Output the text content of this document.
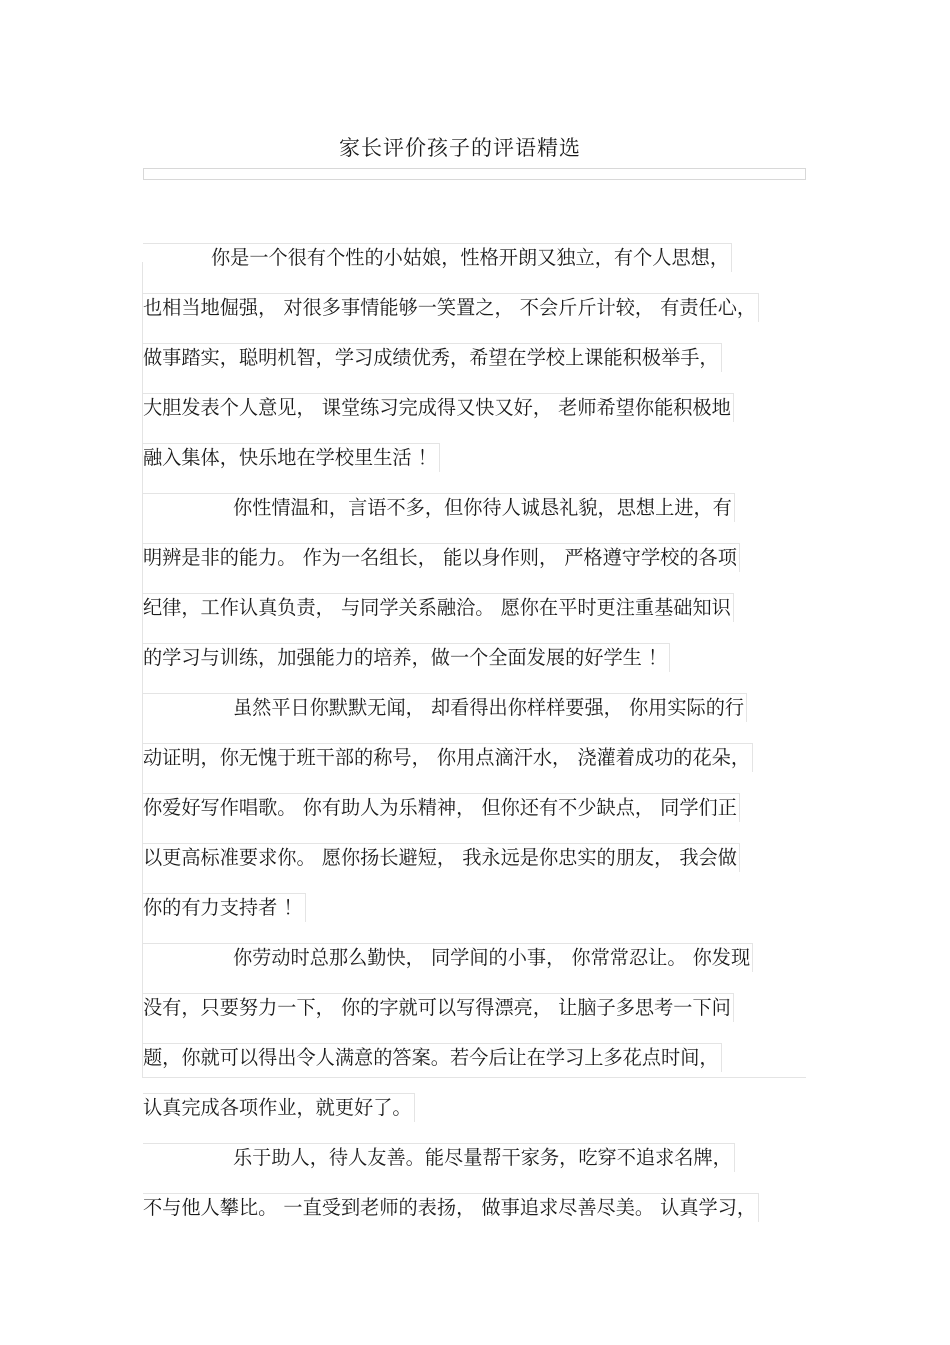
家长评价孩子的评语精选
你是一个很有个性的小姑娘，性格开朗又独立，有个人思想，
也相当地倔强， 对很多事情能够一笑置之， 不会斤斤计较， 有责任心，
做事踏实，聪明机智，学习成绩优秀，希望在学校上课能积极举手，
大胆发表个人意见， 课堂练习完成得又快又好， 老师希望你能积极地
融入集体，快乐地在学校里生活 ！
你性情温和，言语不多，但你待人诚恳礼貌，思想上进，有
明辨是非的能力。 作为一名组长， 能以身作则， 严格遵守学校的各项
纪律，工作认真负责， 与同学关系融洽。 愿你在平时更注重基础知识
的学习与训练，加强能力的培养，做一个全面发展的好学生 ！
虽然平日你默默无闻， 却看得出你样样要强， 你用实际的行
动证明，你无愧于班干部的称号， 你用点滴汗水， 浇灌着成功的花朵，
你爱好写作唱歌。 你有助人为乐精神， 但你还有不少缺点， 同学们正
以更高标准要求你。 愿你扬长避短， 我永远是你忠实的朋友， 我会做
你的有力支持者 ！
你劳动时总那么勤快， 同学间的小事， 你常常忍让。 你发现
没有，只要努力一下， 你的字就可以写得漂亮， 让脑子多思考一下问
题，你就可以得出令人满意的答案。若今后让在学习上多花点时间，
认真完成各项作业，就更好了。
乐于助人，待人友善。能尽量帮干家务，吃穿不追求名牌，
不与他人攀比。 一直受到老师的表扬， 做事追求尽善尽美。 认真学习，
